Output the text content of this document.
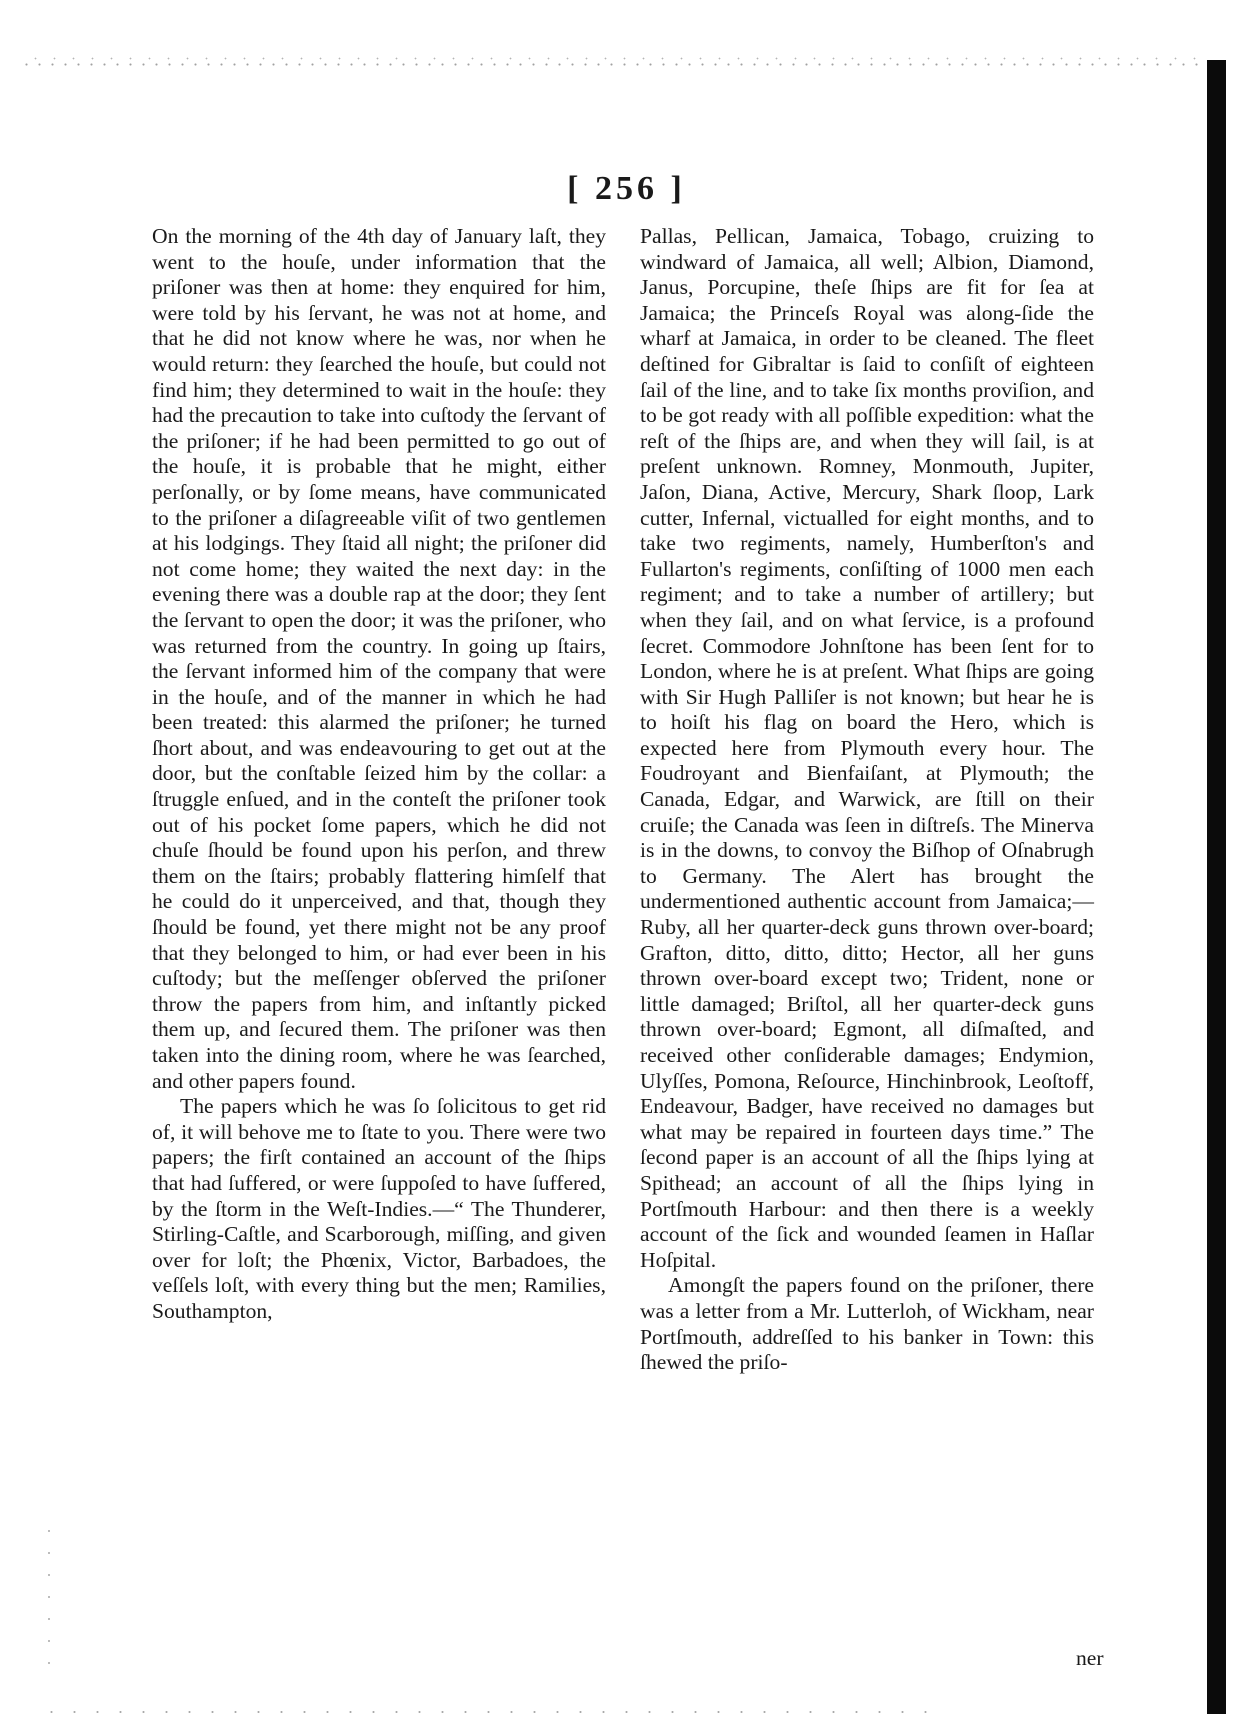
[ 256 ]

On the morning of the 4th day of January laſt, they went to the houſe, under information that the priſoner was then at home: they enquired for him, were told by his ſervant, he was not at home, and that he did not know where he was, nor when he would return: they ſearched the houſe, but could not find him; they determined to wait in the houſe: they had the precaution to take into cuſtody the ſervant of the priſoner; if he had been permitted to go out of the houſe, it is probable that he might, either perſonally, or by ſome means, have communicated to the priſoner a diſagreeable viſit of two gentlemen at his lodgings. They ſtaid all night; the priſoner did not come home; they waited the next day: in the evening there was a double rap at the door; they ſent the ſervant to open the door; it was the priſoner, who was returned from the country. In going up ſtairs, the ſervant informed him of the company that were in the houſe, and of the manner in which he had been treated: this alarmed the priſoner; he turned ſhort about, and was endeavouring to get out at the door, but the conſtable ſeized him by the collar: a ſtruggle enſued, and in the conteſt the priſoner took out of his pocket ſome papers, which he did not chuſe ſhould be found upon his perſon, and threw them on the ſtairs; probably flattering himſelf that he could do it unperceived, and that, though they ſhould be found, yet there might not be any proof that they belonged to him, or had ever been in his cuſtody; but the meſſenger obſerved the priſoner throw the papers from him, and inſtantly picked them up, and ſecured them. The priſoner was then taken into the dining room, where he was ſearched, and other papers found.

The papers which he was ſo ſolicitous to get rid of, it will behove me to ſtate to you. There were two papers; the firſt contained an account of the ſhips that had ſuffered, or were ſuppoſed to have ſuffered, by the ſtorm in the Weſt-Indies.—“ The Thunderer, Stirling-Caſtle, and Scarborough, miſſing, and given over for loſt; the Phœnix, Victor, Barbadoes, the veſſels loſt, with every thing but the men; Ramilies, Southampton,

Pallas, Pellican, Jamaica, Tobago, cruizing to windward of Jamaica, all well; Albion, Diamond, Janus, Porcupine, theſe ſhips are fit for ſea at Jamaica; the Princeſs Royal was along-ſide the wharf at Jamaica, in order to be cleaned. The fleet deſtined for Gibraltar is ſaid to conſiſt of eighteen ſail of the line, and to take ſix months proviſion, and to be got ready with all poſſible expedition: what the reſt of the ſhips are, and when they will ſail, is at preſent unknown. Romney, Monmouth, Jupiter, Jaſon, Diana, Active, Mercury, Shark ſloop, Lark cutter, Infernal, victualled for eight months, and to take two regiments, namely, Humberſton's and Fullarton's regiments, conſiſting of 1000 men each regiment; and to take a number of artillery; but when they ſail, and on what ſervice, is a profound ſecret. Commodore Johnſtone has been ſent for to London, where he is at preſent. What ſhips are going with Sir Hugh Palliſer is not known; but hear he is to hoiſt his flag on board the Hero, which is expected here from Plymouth every hour. The Foudroyant and Bienfaiſant, at Plymouth; the Canada, Edgar, and Warwick, are ſtill on their cruiſe; the Canada was ſeen in diſtreſs. The Minerva is in the downs, to convoy the Biſhop of Oſnabrugh to Germany. The Alert has brought the undermentioned authentic account from Jamaica;—Ruby, all her quarter-deck guns thrown over-board; Grafton, ditto, ditto, ditto; Hector, all her guns thrown over-board except two; Trident, none or little damaged; Briſtol, all her quarter-deck guns thrown over-board; Egmont, all diſmaſted, and received other conſiderable damages; Endymion, Ulyſſes, Pomona, Reſource, Hinchinbrook, Leoſtoff, Endeavour, Badger, have received no damages but what may be repaired in fourteen days time.” The ſecond paper is an account of all the ſhips lying at Spithead; an account of all the ſhips lying in Portſmouth Harbour: and then there is a weekly account of the ſick and wounded ſeamen in Haſlar Hoſpital.

Amongſt the papers found on the priſoner, there was a letter from a Mr. Lutterloh, of Wickham, near Portſmouth, addreſſed to his banker in Town: this ſhewed the priſo-

ner
